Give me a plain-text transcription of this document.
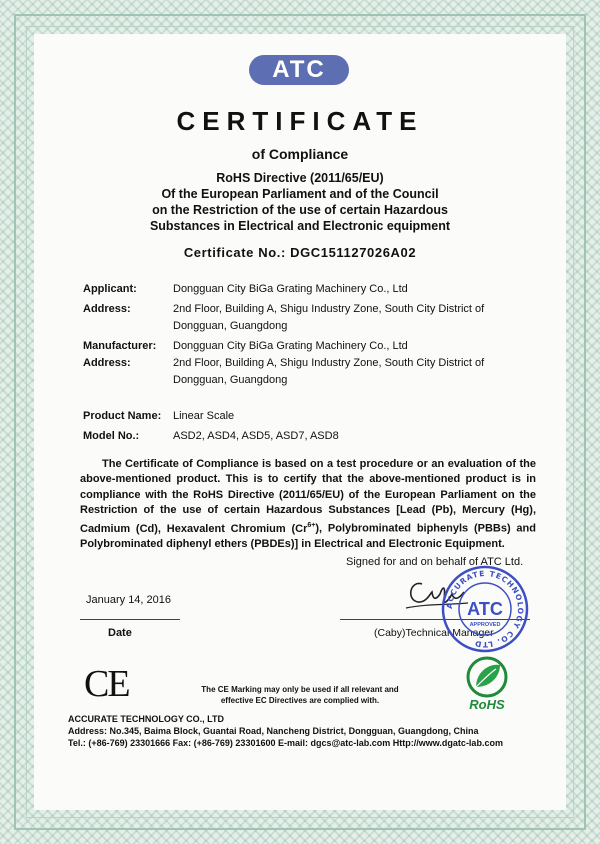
ATC
CERTIFICATE
of Compliance
RoHS Directive (2011/65/EU)
Of the European Parliament and of the Council
on the Restriction of the use of certain Hazardous
Substances in Electrical and Electronic equipment
Certificate No.: DGC151127026A02
Applicant:	Dongguan City BiGa Grating Machinery Co., Ltd
Address:	2nd Floor, Building A, Shigu Industry Zone, South City District of
Dongguan, Guangdong
Manufacturer: Dongguan City BiGa Grating Machinery Co., Ltd
Address:	2nd Floor, Building A, Shigu Industry Zone, South City District of
Dongguan, Guangdong
Product Name: Linear Scale
Model No.:	ASD2, ASD4, ASD5, ASD7, ASD8
The Certificate of Compliance is based on a test procedure or an evaluation of the above-mentioned product. This is to certify that the above-mentioned product is in compliance with the RoHS Directive (2011/65/EU) of the European Parliament on the Restriction of the use of certain Hazardous Substances [Lead (Pb), Mercury (Hg), Cadmium (Cd), Hexavalent Chromium $(Cr^{6+})$, Polybrominated biphenyls (PBBs) and Polybrominated diphenyl ethers (PBDEs)] in Electrical and Electronic Equipment.
Signed for and on behalf of ATC Ltd.
January 14, 2016
Date	(Caby)Technical Manager
ACCURATE TECHNOLOGY CO. LTD
ATC
APPROVED
CE	The CE Marking may only be used if all relevant and
effective EC Directives are complied with.	RoHS
ACCURATE TECHNOLOGY CO., LTD
Address: No.345, Baima Block, Guantai Road, Nancheng District, Dongguan, Guangdong, China
Tel.: (+86-769) 23301666 Fax: (+86-769) 23301600 E-mail: dgcs@atc-lab.com Http://www.dgatc-lab.com
